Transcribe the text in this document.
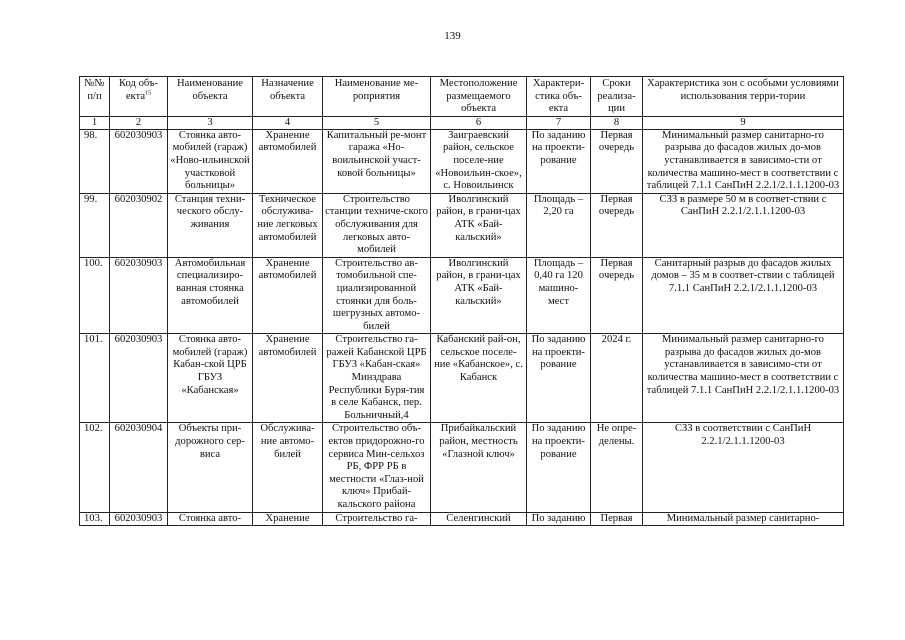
139
№№ п/п	Код объ-екта$^{15}$	Наименование объекта	Назначение объекта	Наименование ме-роприятия	Местоположение размещаемого объекта	Характери-стика объ-екта	Сроки реализа-ции	Характеристика зон с особыми условиями использования терри-тории
1	2	3	4	5	6	7	8	9
98.	602030903	Стоянка авто-мобилей (гараж) «Ново-ильинской участковой больницы»	Хранение автомобилей	Капитальный ре-монт гаража «Но-воильинской участ-ковой больницы»	Заиграевский район, сельское поселе-ние «Новоильин-ское», с. Новоильинск	По заданию на проекти-рование	Первая очередь	Минимальный размер санитарно-го разрыва до фасадов жилых до-мов устанавливается в зависимо-сти от количества машино-мест в соответствии с таблицей 7.1.1 СанПиН 2.2.1/2.1.1.1200-03
99.	602030902	Станция техни-ческого обслу-живания	Техническое обслужива-ние легковых автомобилей	Строительство станции техниче-ского обслуживания для легковых авто-мобилей	Иволгинский район, в грани-цах АТК «Бай-кальский»	Площадь – 2,20 га	Первая очередь	СЗЗ в размере 50 м в соответ-ствии с СанПиН 2.2.1/2.1.1.1200-03
100.	602030903	Автомобильная специализиро-ванная стоянка автомобилей	Хранение автомобилей	Строительство ав-томобильной спе-циализированной стоянки для боль-шегрузных автомо-билей	Иволгинский район, в грани-цах АТК «Бай-кальский»	Площадь – 0,40 га 120 машино-мест	Первая очередь	Санитарный разрыв до фасадов жилых домов – 35 м в соответ-ствии с таблицей 7.1.1 СанПиН 2.2.1/2.1.1.1200-03
101.	602030903	Стоянка авто-мобилей (гараж) Кабан-ской ЦРБ ГБУЗ «Кабанская»	Хранение автомобилей	Строительство га-ражей Кабанской ЦРБ ГБУЗ «Кабан-ская» Минздрава Республики Буря-тия в селе Кабанск, пер. Больничный,4	Кабанский рай-он, сельское поселе-ние «Кабанское», с. Кабанск	По заданию на проекти-рование	2024 г.	Минимальный размер санитарно-го разрыва до фасадов жилых до-мов устанавливается в зависимо-сти от количества машино-мест в соответствии с таблицей 7.1.1 СанПиН 2.2.1/2.1.1.1200-03
102.	602030904	Объекты при-дорожного сер-виса	Обслужива-ние автомо-билей	Строительство объ-ектов придорожно-го сервиса Мин-сельхоз РБ, ФРР РБ в местности «Глаз-ной ключ» Прибай-кальского района	Прибайкальский район, местность «Глазной ключ»	По заданию на проекти-рование	Не опре-делены.	СЗЗ в соответствии с СанПиН 2.2.1/2.1.1.1200-03
103.	602030903	Стоянка авто-	Хранение	Строительство га-	Селенгинский	По заданию	Первая	Минимальный размер санитарно-
